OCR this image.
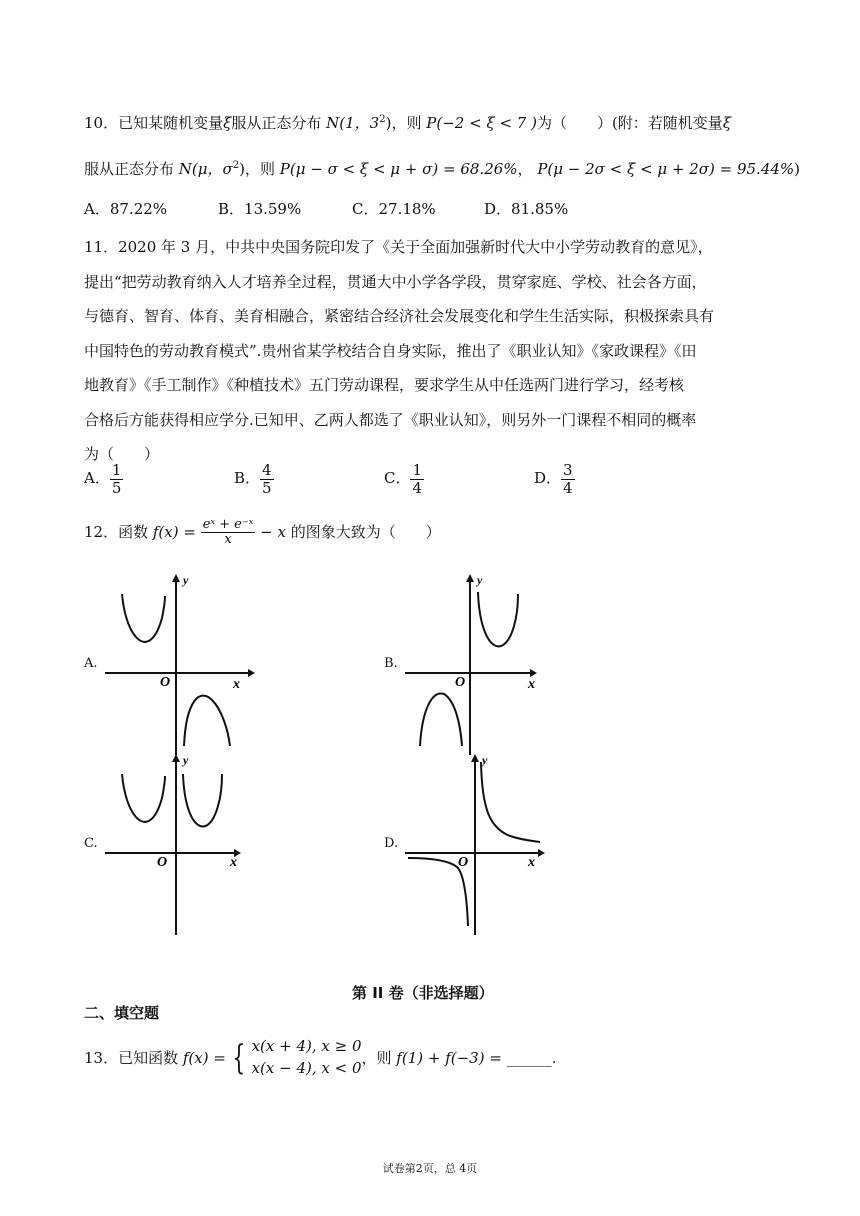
10．已知某随机变量ξ服从正态分布 N(1，$3^2$)，则 P(−2 < ξ < 7 )为（　　）(附：若随机变量ξ
服从正态分布 N(μ，$\sigma^2$)，则 P(μ − σ < ξ < μ + σ) = 68.26%， P(μ − 2σ < ξ < μ + 2σ) = 95.44%)
A．87.22%	B．13.59%	C．27.18%	D．81.85%
11．2020 年 3 月，中共中央国务院印发了《关于全面加强新时代大中小学劳动教育的意见》，
提出“把劳动教育纳入人才培养全过程，贯通大中小学各学段，贯穿家庭、学校、社会各方面，
与德育、智育、体育、美育相融合，紧密结合经济社会发展变化和学生生活实际，积极探索具有
中国特色的劳动教育模式”.贵州省某学校结合自身实际，推出了《职业认知》《家政课程》《田
地教育》《手工制作》《种植技术》五门劳动课程，要求学生从中任选两门进行学习，经考核
合格后方能获得相应学分.已知甲、乙两人都选了《职业认知》，则另外一门课程不相同的概率
为（　　）
A． $\frac{1}{5}$	B． $\frac{4}{5}$	C． $\frac{1}{4}$	D． $\frac{3}{4}$
12．函数 $f(x) = \frac{\text{eˣ + e⁻ˣ}}{x} - x$ 的图象大致为（　　）
A.	B.
C.	D.
y
x
O
y
x
O
y
x
O
y
x
O
第 II 卷（非选择题）
二、填空题
13．已知函数
f(x) = { x(x + 4), x ≥ 0
x(x − 4), x < 0
，则
f(1) + f(−3) =
______.
试卷第2页，总 4页
